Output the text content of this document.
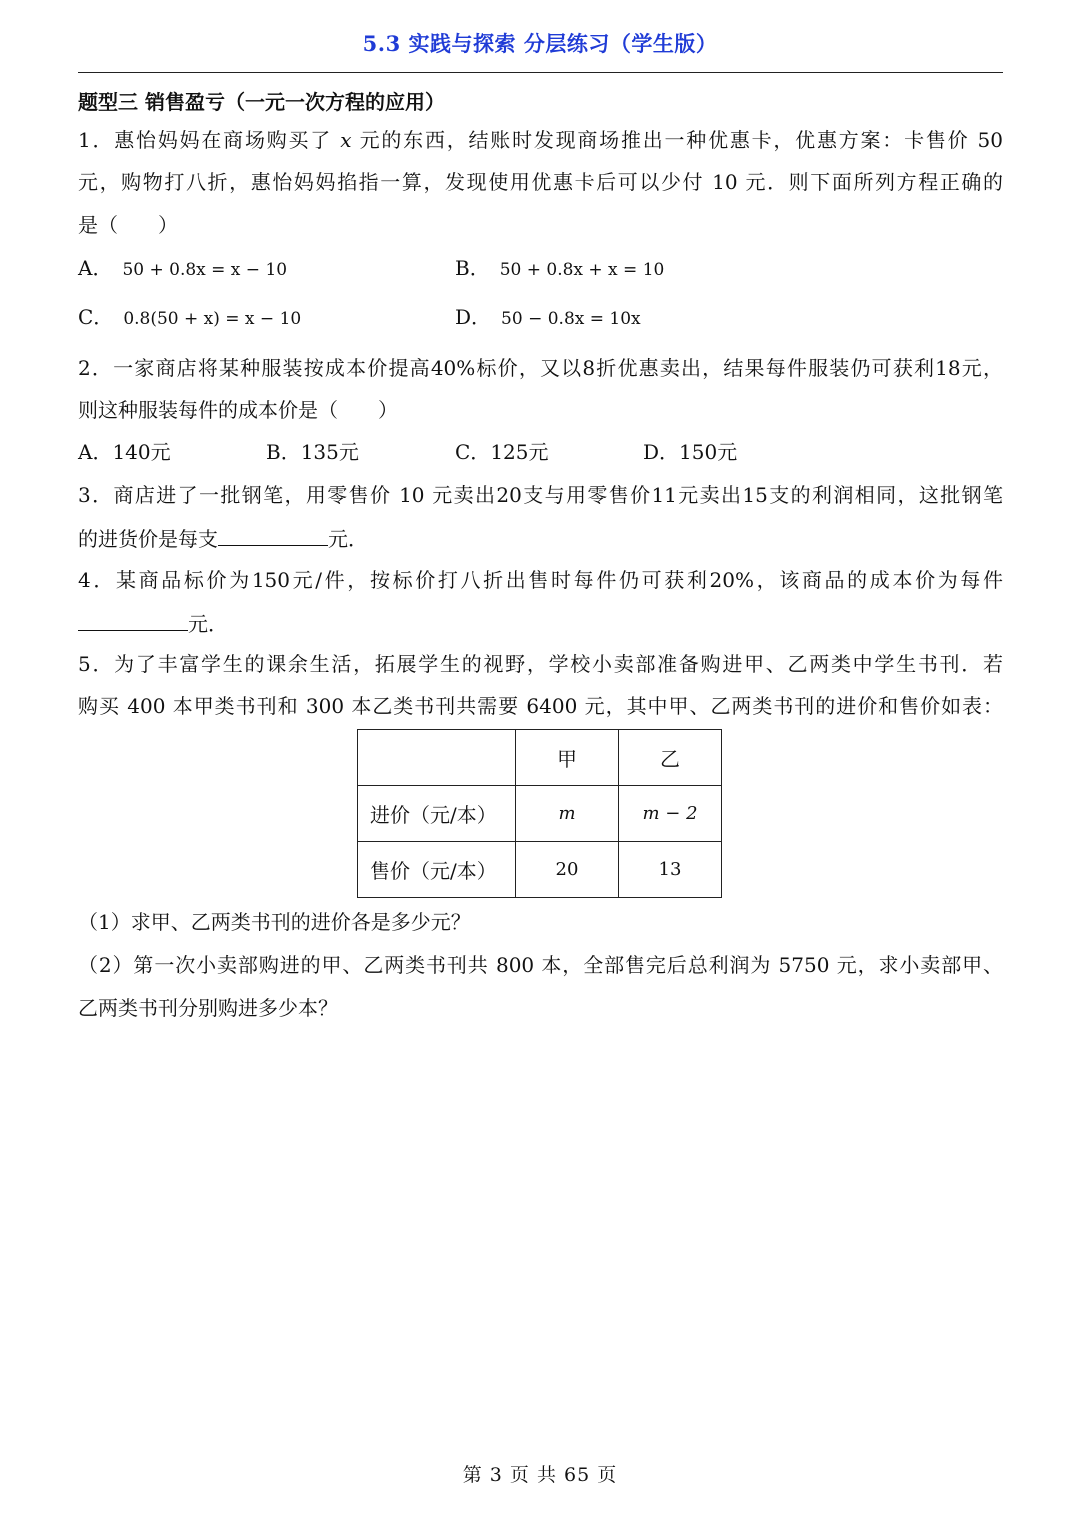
5.3 实践与探索 分层练习（学生版）
题型三 销售盈亏（一元一次方程的应用）
1．惠怡妈妈在商场购买了 x 元的东西，结账时发现商场推出一种优惠卡，优惠方案：卡售价 50
元，购物打八折，惠怡妈妈掐指一算，发现使用优惠卡后可以少付 10 元．则下面所列方程正确的
是（　　）
A． 50 + 0.8x = x − 10	B． 50 + 0.8x + x = 10
C． 0.8(50 + x) = x − 10	D． 50 − 0.8x = 10x
2．一家商店将某种服装按成本价提高40%标价，又以8折优惠卖出，结果每件服装仍可获利18元，
则这种服装每件的成本价是（　　）
A．140元	B．135元	C．125元	D．150元
3．商店进了一批钢笔，用零售价 10 元卖出20支与用零售价11元卖出15支的利润相同，这批钢笔
的进货价是每支	元．
4．某商品标价为150元/件，按标价打八折出售时每件仍可获利20%，该商品的成本价为每件
元．
5．为了丰富学生的课余生活，拓展学生的视野，学校小卖部准备购进甲、乙两类中学生书刊．若
购买 400 本甲类书刊和 300 本乙类书刊共需要 6400 元，其中甲、乙两类书刊的进价和售价如表：
	甲	乙
进价（元/本）	m	m − 2
售价（元/本）	20	13
（1）求甲、乙两类书刊的进价各是多少元？
（2）第一次小卖部购进的甲、乙两类书刊共 800 本，全部售完后总利润为 5750 元，求小卖部甲、
乙两类书刊分别购进多少本？
第 3 页 共 65 页
